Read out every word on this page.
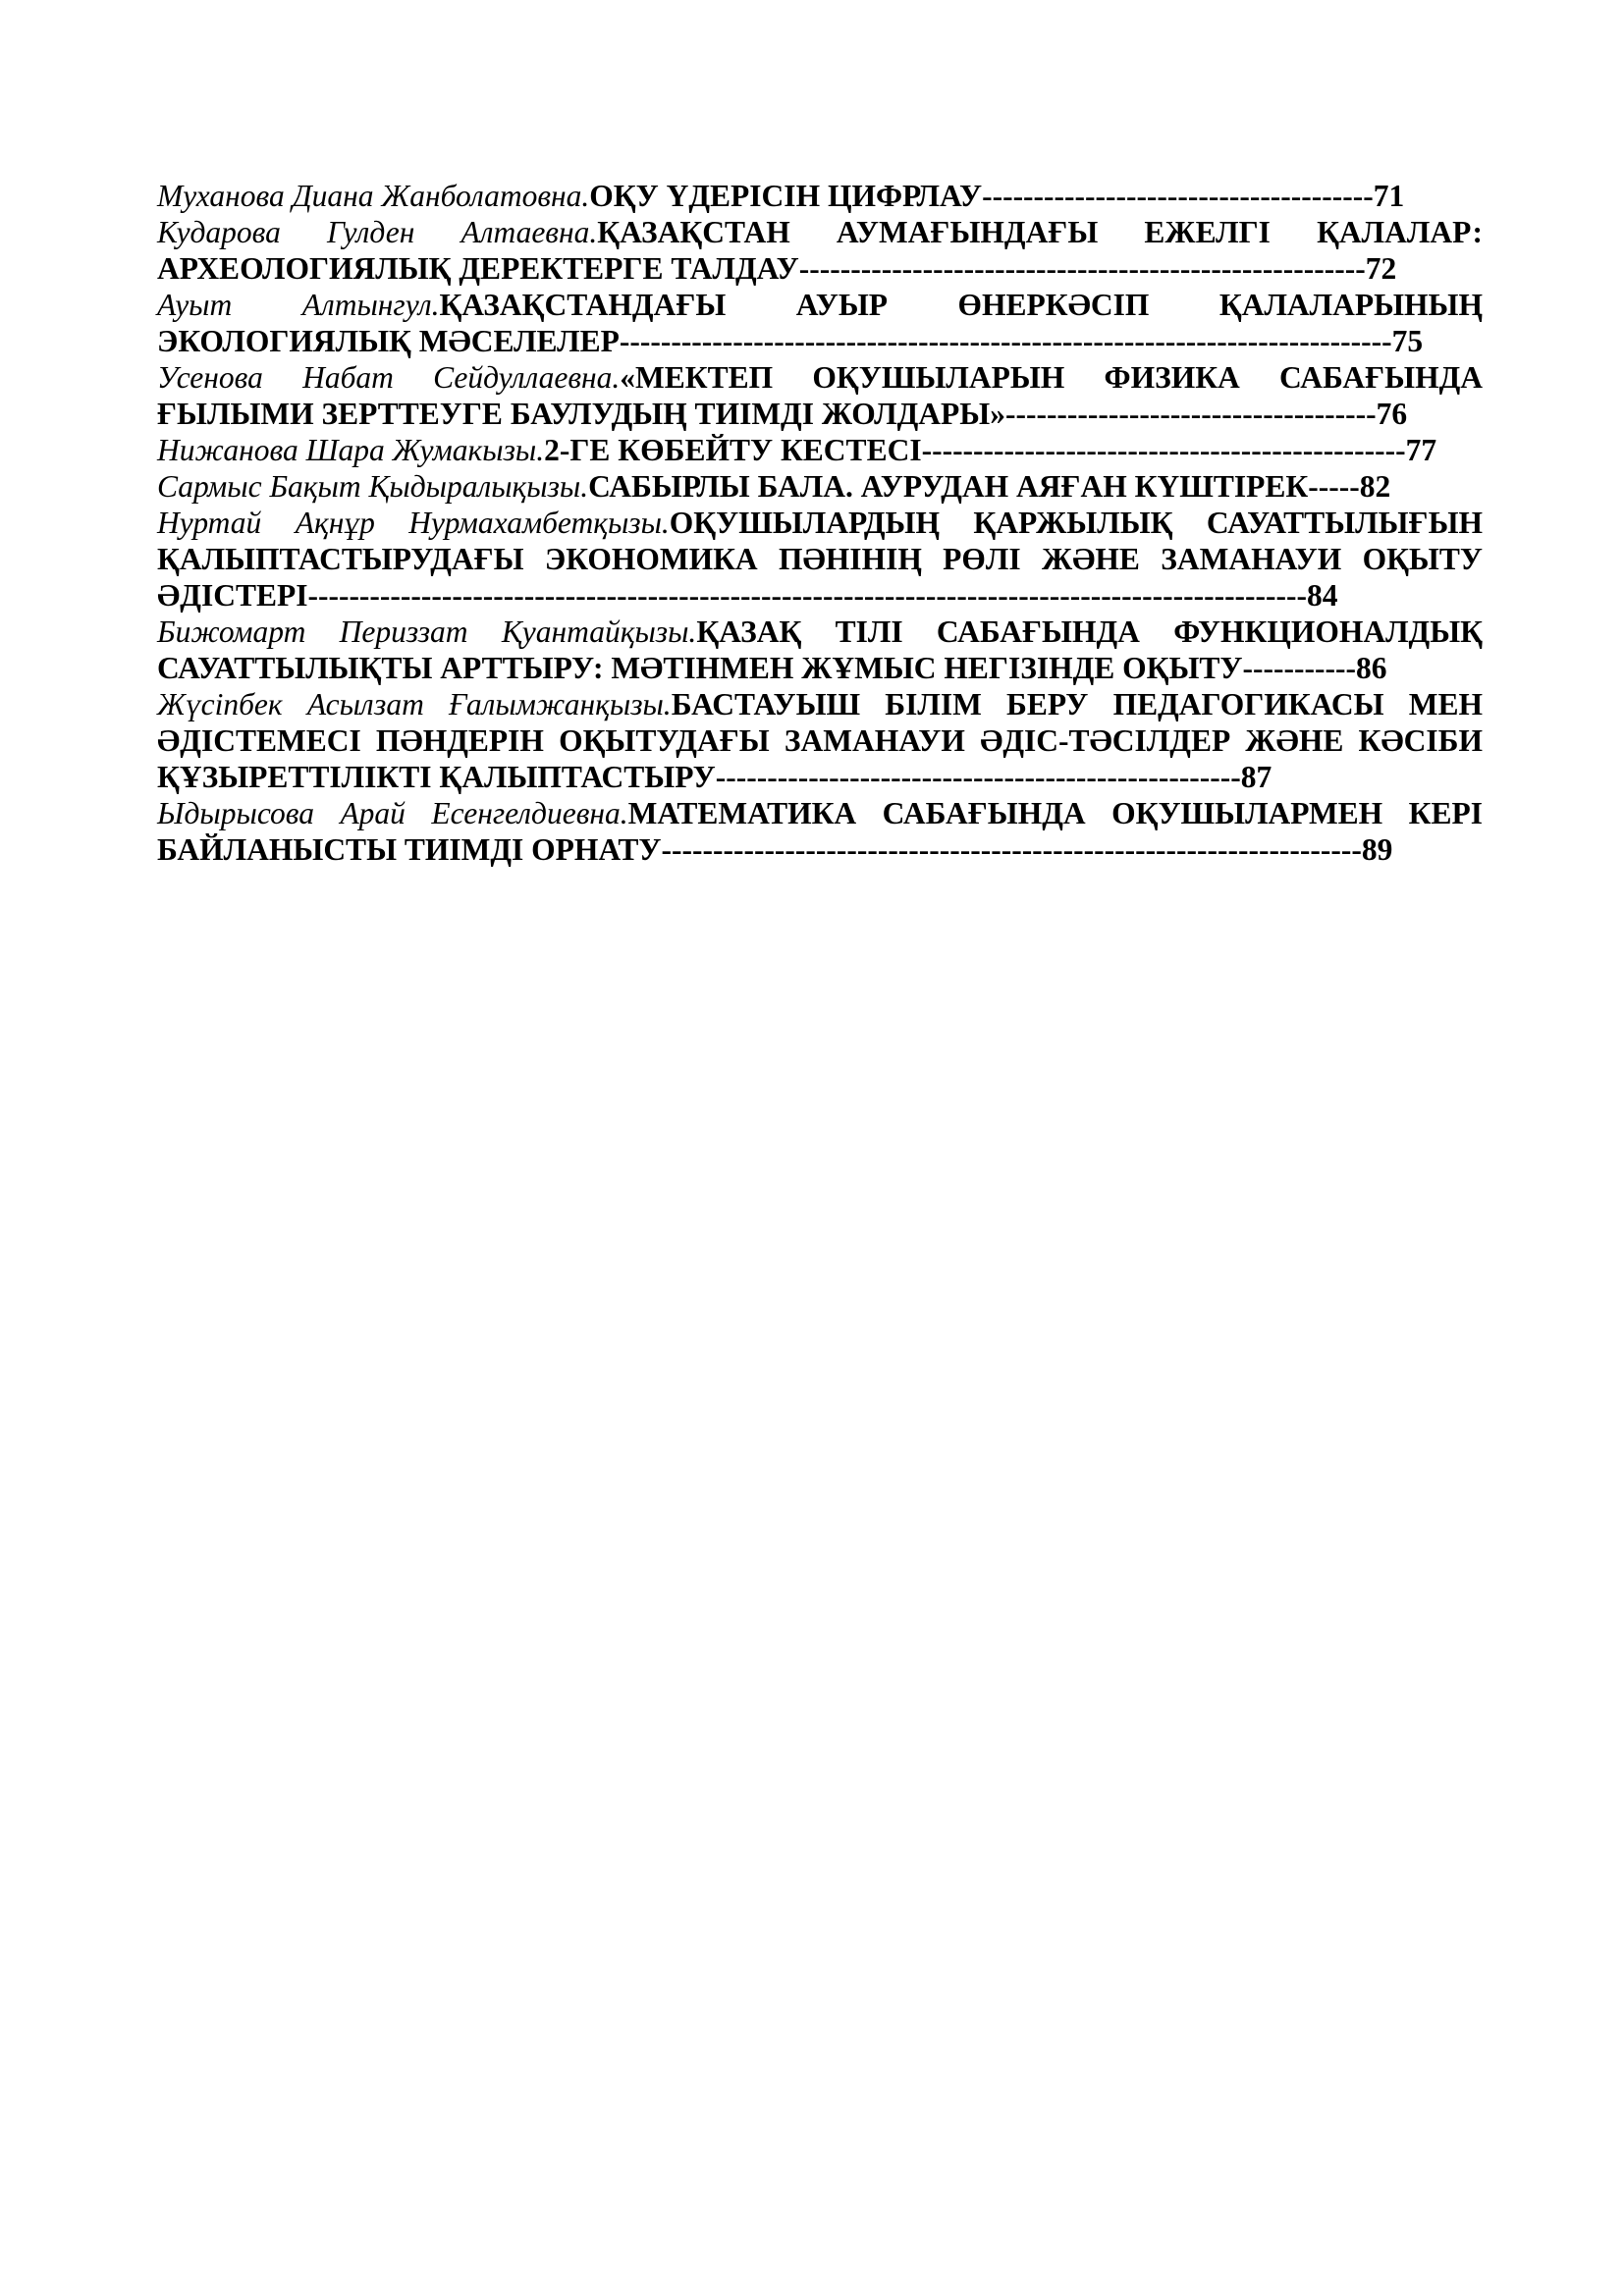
Муханова Диана Жанболатовна.ОҚУ ҮДЕРІСІН ЦИФРЛАУ--------------------------------------71

Кударова Гулден Алтаевна.ҚАЗАҚСТАН АУМАҒЫНДАҒЫ ЕЖЕЛГІ ҚАЛАЛАР: АРХЕОЛОГИЯЛЫҚ ДЕРЕКТЕРГЕ ТАЛДАУ-------------------------------------------------------72

Ауыт Алтынгул.ҚАЗАҚСТАНДАҒЫ АУЫР ӨНЕРКӘСІП ҚАЛАЛАРЫНЫҢ ЭКОЛОГИЯЛЫҚ МӘСЕЛЕЛЕР---------------------------------------------------------------------------75

Усенова Набат Сейдуллаевна.«МЕКТЕП ОҚУШЫЛАРЫН ФИЗИКА САБАҒЫНДА ҒЫЛЫМИ ЗЕРТТЕУГЕ БАУЛУДЫҢ ТИІМДІ ЖОЛДАРЫ»------------------------------------76

Нижанова Шара Жумакызы.2-ГЕ КӨБЕЙТУ КЕСТЕСІ-----------------------------------------------77

Сармыс Бақыт Қыдыралықызы.САБЫРЛЫ БАЛА. АУРУДАН АЯҒАН КҮШТІРЕК-----82

Нуртай Ақнұр Нурмахамбетқызы.ОҚУШЫЛАРДЫҢ ҚАРЖЫЛЫҚ САУАТТЫЛЫҒЫН ҚАЛЫПТАСТЫРУДАҒЫ ЭКОНОМИКА ПӘНІНІҢ РӨЛІ ЖӘНЕ ЗАМАНАУИ ОҚЫТУ ӘДІСТЕРІ-------------------------------------------------------------------------------------------------84

Бижомарт Периззат Қуантайқызы.ҚАЗАҚ ТІЛІ САБАҒЫНДА ФУНКЦИОНАЛДЫҚ САУАТТЫЛЫҚТЫ АРТТЫРУ: МӘТІНМЕН ЖҰМЫС НЕГІЗІНДЕ ОҚЫТУ-----------86

Жүсіпбек Асылзат Ғалымжанқызы.БАСТАУЫШ БІЛІМ БЕРУ ПЕДАГОГИКАСЫ МЕН ӘДІСТЕМЕСІ ПӘНДЕРІН ОҚЫТУДАҒЫ ЗАМАНАУИ ӘДІС-ТӘСІЛДЕР ЖӘНЕ КӘСІБИ ҚҰЗЫРЕТТІЛІКТІ ҚАЛЫПТАСТЫРУ---------------------------------------------------87

Ыдырысова Арай Есенгелдиевна.МАТЕМАТИКА САБАҒЫНДА ОҚУШЫЛАРМЕН КЕРІ БАЙЛАНЫСТЫ ТИІМДІ ОРНАТУ--------------------------------------------------------------------89
